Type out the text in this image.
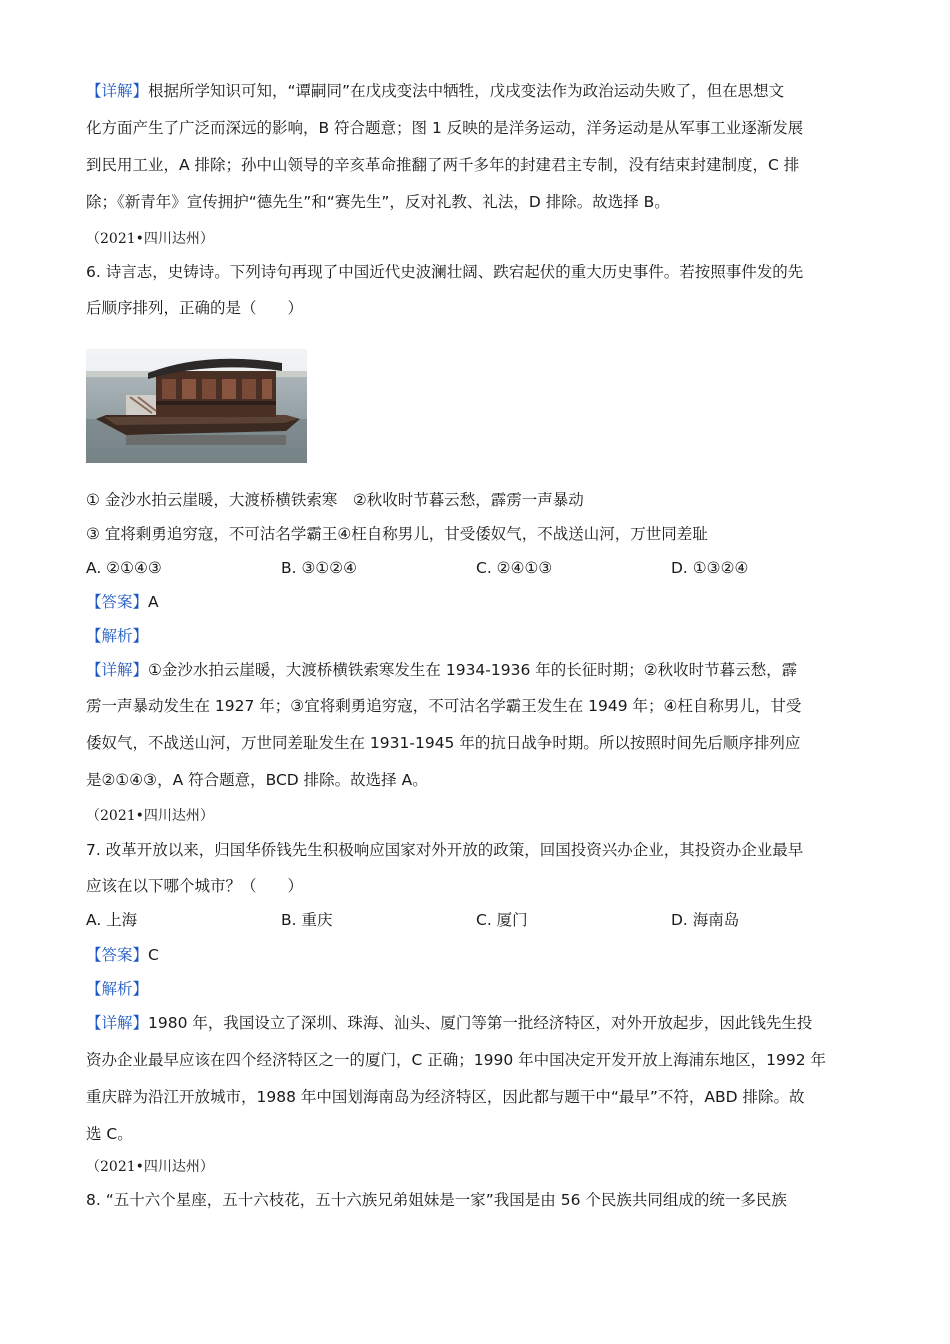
【详解】根据所学知识可知，“谭嗣同”在戊戌变法中牺牲，戊戌变法作为政治运动失败了，但在思想文
化方面产生了广泛而深远的影响，B 符合题意；图 1 反映的是洋务运动，洋务运动是从军事工业逐渐发展
到民用工业，A 排除；孙中山领导的辛亥革命推翻了两千多年的封建君主专制，没有结束封建制度，C 排
除；《新青年》宣传拥护“德先生”和“赛先生”，反对礼教、礼法，D 排除。故选择 B。
（2021•四川达州）
6. 诗言志，史铸诗。下列诗句再现了中国近代史波澜壮阔、跌宕起伏的重大历史事件。若按照事件发的先
后顺序排列，正确的是（　　）
① 金沙水拍云崖暖，大渡桥横铁索寒　②秋收时节暮云愁，霹雳一声暴动
③ 宜将剩勇追穷寇，不可沽名学霸王④枉自称男儿，甘受倭奴气，不战送山河，万世同差耻
A. ②①④③	B. ③①②④	C. ②④①③	D. ①③②④
【答案】A
【解析】
【详解】①金沙水拍云崖暖，大渡桥横铁索寒发生在 1934-1936 年的长征时期；②秋收时节暮云愁，霹
雳一声暴动发生在 1927 年；③宜将剩勇追穷寇，不可沽名学霸王发生在 1949 年；④枉自称男儿，甘受
倭奴气，不战送山河，万世同差耻发生在 1931-1945 年的抗日战争时期。所以按照时间先后顺序排列应
是②①④③，A 符合题意，BCD 排除。故选择 A。
（2021•四川达州）
7. 改革开放以来，归国华侨钱先生积极响应国家对外开放的政策，回国投资兴办企业，其投资办企业最早
应该在以下哪个城市？（　　）
A. 上海	B. 重庆	C. 厦门	D. 海南岛
【答案】C
【解析】
【详解】1980 年，我国设立了深圳、珠海、汕头、厦门等第一批经济特区，对外开放起步，因此钱先生投
资办企业最早应该在四个经济特区之一的厦门，C 正确；1990 年中国决定开发开放上海浦东地区，1992 年
重庆辟为沿江开放城市，1988 年中国划海南岛为经济特区，因此都与题干中“最早”不符，ABD 排除。故
选 C。
（2021•四川达州）
8. “五十六个星座，五十六枝花，五十六族兄弟姐妹是一家”我国是由 56 个民族共同组成的统一多民族
